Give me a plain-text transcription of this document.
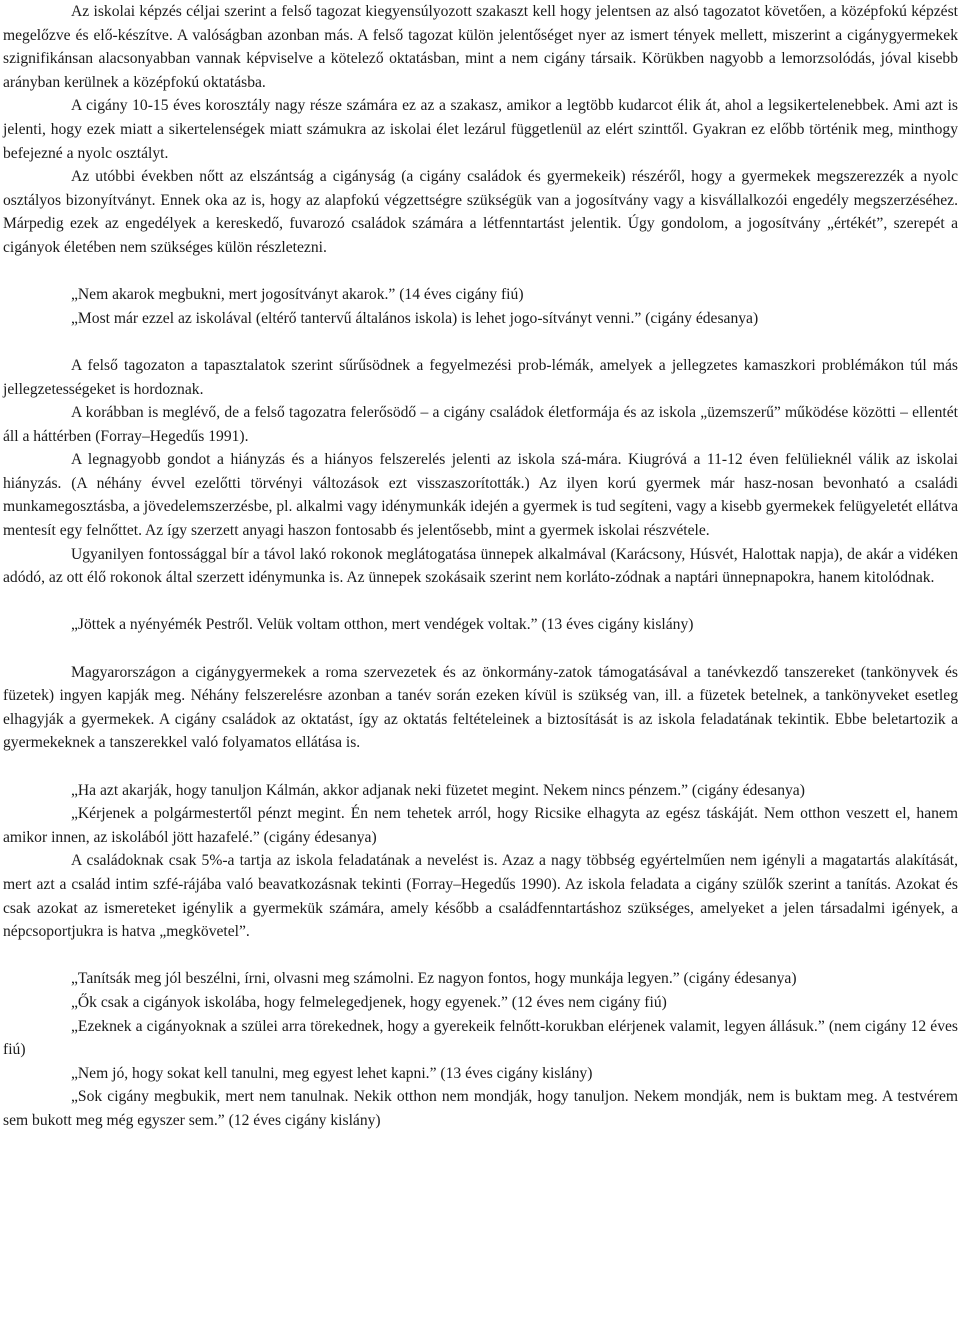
Az iskolai képzés céljai szerint a felső tagozat kiegyensúlyozott szakaszt kell hogy jelentsen az alsó tagozatot követően, a középfokú képzést megelőzve és elő-készítve. A valóságban azonban más. A felső tagozat külön jelentőséget nyer az ismert tények mellett, miszerint a cigánygyermekek szignifikánsan alacsonyabban vannak képviselve a kötelező oktatásban, mint a nem cigány társaik. Körükben nagyobb a lemorzsolódás, jóval kisebb arányban kerülnek a középfokú oktatásba.

A cigány 10-15 éves korosztály nagy része számára ez az a szakasz, amikor a legtöbb kudarcot élik át, ahol a legsikertelenebbek. Ami azt is jelenti, hogy ezek miatt a sikertelenségek miatt számukra az iskolai élet lezárul függetlenül az elért szinttől. Gyakran ez előbb történik meg, minthogy befejezné a nyolc osztályt.

Az utóbbi években nőtt az elszántság a cigányság (a cigány családok és gyermekeik) részéről, hogy a gyermekek megszerezzék a nyolc osztályos bizonyítványt. Ennek oka az is, hogy az alapfokú végzettségre szükségük van a jogosítvány vagy a kisvállalkozói engedély megszerzéséhez. Márpedig ezek az engedélyek a kereskedő, fuvarozó családok számára a létfenntartást jelentik. Úgy gondolom, a jogosítvány „értékét”, szerepét a cigányok életében nem szükséges külön részletezni.

„Nem akarok megbukni, mert jogosítványt akarok.” (14 éves cigány fiú)

„Most már ezzel az iskolával (eltérő tantervű általános iskola) is lehet jogo-sítványt venni.” (cigány édesanya)

A felső tagozaton a tapasztalatok szerint sűrűsödnek a fegyelmezési prob-lémák, amelyek a jellegzetes kamaszkori problémákon túl más jellegzetességeket is hordoznak.

A korábban is meglévő, de a felső tagozatra felerősödő – a cigány családok életformája és az iskola „üzemszerű” működése közötti – ellentét áll a háttérben (Forray–Hegedűs 1991).

A legnagyobb gondot a hiányzás és a hiányos felszerelés jelenti az iskola szá-mára. Kiugróvá a 11-12 éven felülieknél válik az iskolai hiányzás. (A néhány évvel ezelőtti törvényi változások ezt visszaszorították.) Az ilyen korú gyermek már hasz-nosan bevonható a családi munkamegosztásba, a jövedelemszerzésbe, pl. alkalmi vagy idénymunkák idején a gyermek is tud segíteni, vagy a kisebb gyermekek felügyeletét ellátva mentesít egy felnőttet. Az így szerzett anyagi haszon fontosabb és jelentősebb, mint a gyermek iskolai részvétele.

Ugyanilyen fontossággal bír a távol lakó rokonok meglátogatása ünnepek alkalmával (Karácsony, Húsvét, Halottak napja), de akár a vidéken adódó, az ott élő rokonok által szerzett idénymunka is. Az ünnepek szokásaik szerint nem korláto-zódnak a naptári ünnepnapokra, hanem kitolódnak.

„Jöttek a nyényémék Pestről. Velük voltam otthon, mert vendégek voltak.” (13 éves cigány kislány)

Magyarországon a cigánygyermekek a roma szervezetek és az önkormány-zatok támogatásával a tanévkezdő tanszereket (tankönyvek és füzetek) ingyen kapják meg. Néhány felszerelésre azonban a tanév során ezeken kívül is szükség van, ill. a füzetek betelnek, a tankönyveket esetleg elhagyják a gyermekek. A cigány családok az oktatást, így az oktatás feltételeinek a biztosítását is az iskola feladatának tekintik. Ebbe beletartozik a gyermekeknek a tanszerekkel való folyamatos ellátása is.

„Ha azt akarják, hogy tanuljon Kálmán, akkor adjanak neki füzetet megint. Nekem nincs pénzem.” (cigány édesanya)

„Kérjenek a polgármestertől pénzt megint. Én nem tehetek arról, hogy Ricsike elhagyta az egész táskáját. Nem otthon veszett el, hanem amikor innen, az iskolából jött hazafelé.” (cigány édesanya)

A családoknak csak 5%-a tartja az iskola feladatának a nevelést is. Azaz a nagy többség egyértelműen nem igényli a magatartás alakítását, mert azt a család intim szfé-rájába való beavatkozásnak tekinti (Forray–Hegedűs 1990). Az iskola feladata a cigány szülők szerint a tanítás. Azokat és csak azokat az ismereteket igénylik a gyermekük számára, amely később a családfenntartáshoz szükséges, amelyeket a jelen társadalmi igények, a népcsoportjukra is hatva „megkövetel”.

„Tanítsák meg jól beszélni, írni, olvasni meg számolni. Ez nagyon fontos, hogy munkája legyen.” (cigány édesanya)

„Ők csak a cigányok iskolába, hogy felmelegedjenek, hogy egyenek.” (12 éves nem cigány fiú)

„Ezeknek a cigányoknak a szülei arra törekednek, hogy a gyerekeik felnőtt-korukban elérjenek valamit, legyen állásuk.” (nem cigány 12 éves fiú)

„Nem jó, hogy sokat kell tanulni, meg egyest lehet kapni.” (13 éves cigány kislány)

„Sok cigány megbukik, mert nem tanulnak. Nekik otthon nem mondják, hogy tanuljon. Nekem mondják, nem is buktam meg. A testvérem sem bukott meg még egyszer sem.” (12 éves cigány kislány)
